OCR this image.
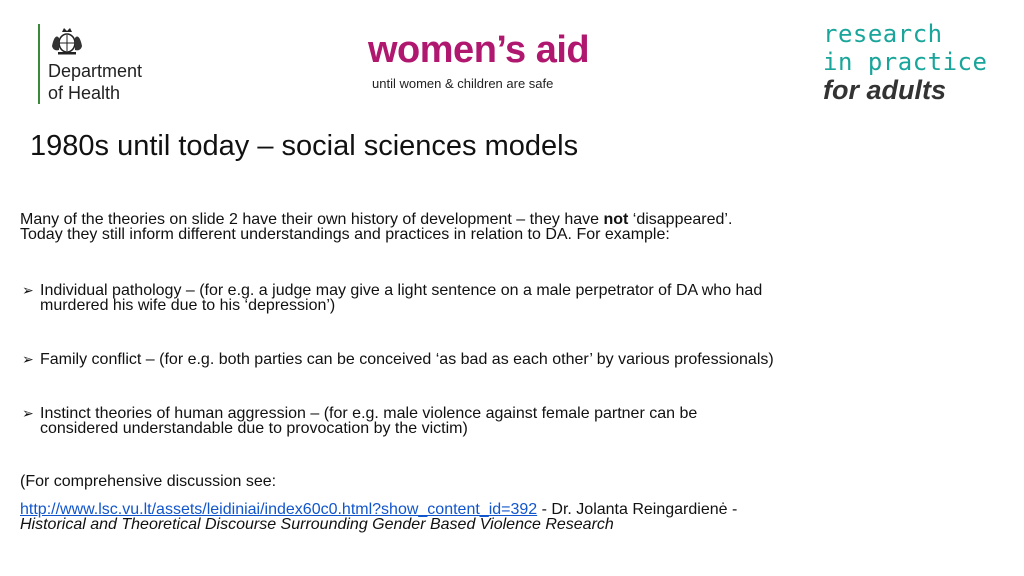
Department
of Health
women’s aid
until women & children are safe
research
in practice
for adults
1980s until today – social sciences models
Many of the theories on slide 2 have their own history of development – they have not ‘disappeared’.
Today they still inform different understandings and practices in relation to DA. For example:
➢ Individual pathology – (for e.g. a judge may give a light sentence on a male perpetrator of DA who had
murdered his wife due to his ‘depression’)
➢ Family conflict – (for e.g. both parties can be conceived ‘as bad as each other’ by various professionals)
➢ Instinct theories of human aggression – (for e.g. male violence against female partner can be
considered understandable due to provocation by the victim)
(For comprehensive discussion see:
http://www.lsc.vu.lt/assets/leidiniai/index60c0.html?show_content_id=392 - Dr. Jolanta Reingardienė -
Historical and Theoretical Discourse Surrounding Gender Based Violence Research
